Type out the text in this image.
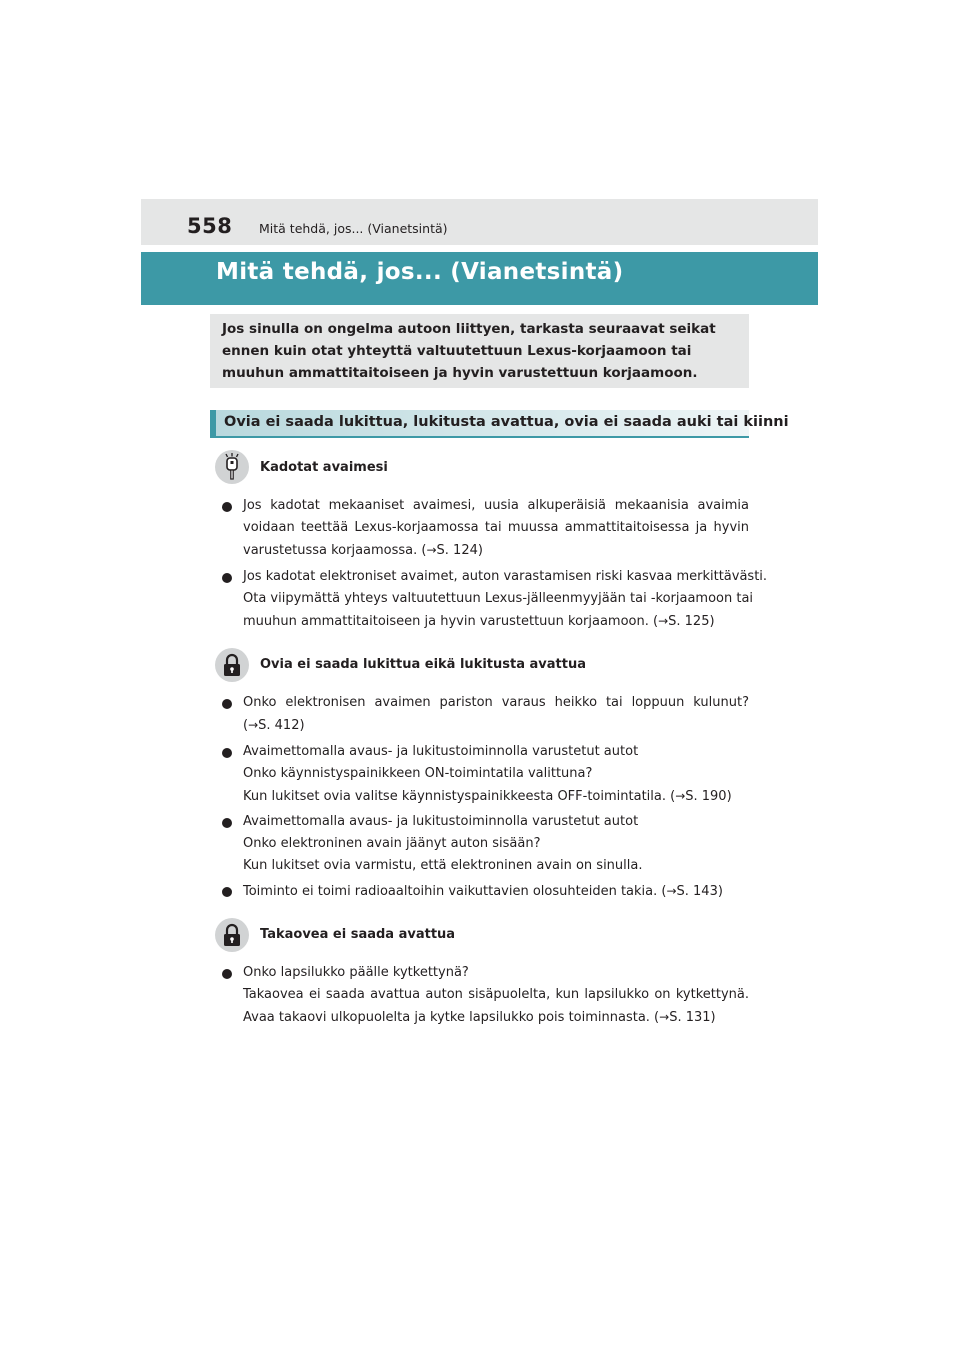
558 Mitä tehdä, jos... (Vianetsintä)
Mitä tehdä, jos... (Vianetsintä)
Jos sinulla on ongelma autoon liittyen, tarkasta seuraavat seikat ennen kuin otat yhteyttä valtuutettuun Lexus-korjaamoon tai muuhun ammattitaitoiseen ja hyvin varustettuun korjaamoon.
Ovia ei saada lukittua, lukitusta avattua, ovia ei saada auki tai kiinni
Kadotat avaimesi
Jos kadotat mekaaniset avaimesi, uusia alkuperäisiä mekaanisia avaimia voidaan teettää Lexus-korjaamossa tai muussa ammattitaitoisessa ja hyvin varustetussa korjaamossa. (→S. 124)
Jos kadotat elektroniset avaimet, auton varastamisen riski kasvaa merkittävästi.
Ota viipymättä yhteys valtuutettuun Lexus-jälleenmyyjään tai -korjaamoon tai
muuhun ammattitaitoiseen ja hyvin varustettuun korjaamoon. (→S. 125)
Ovia ei saada lukittua eikä lukitusta avattua
Onko elektronisen avaimen pariston varaus heikko tai loppuun kulunut?
(→S. 412)
Avaimettomalla avaus- ja lukitustoiminnolla varustetut autot
Onko käynnistyspainikkeen ON-toimintatila valittuna?
Kun lukitset ovia valitse käynnistyspainikkeesta OFF-toimintatila. (→S. 190)
Avaimettomalla avaus- ja lukitustoiminnolla varustetut autot
Onko elektroninen avain jäänyt auton sisään?
Kun lukitset ovia varmistu, että elektroninen avain on sinulla.
Toiminto ei toimi radioaaltoihin vaikuttavien olosuhteiden takia. (→S. 143)
Takaovea ei saada avattua
Onko lapsilukko päälle kytkettynä?
Takaovea ei saada avattua auton sisäpuolelta, kun lapsilukko on kytkettynä.
Avaa takaovi ulkopuolelta ja kytke lapsilukko pois toiminnasta. (→S. 131)
